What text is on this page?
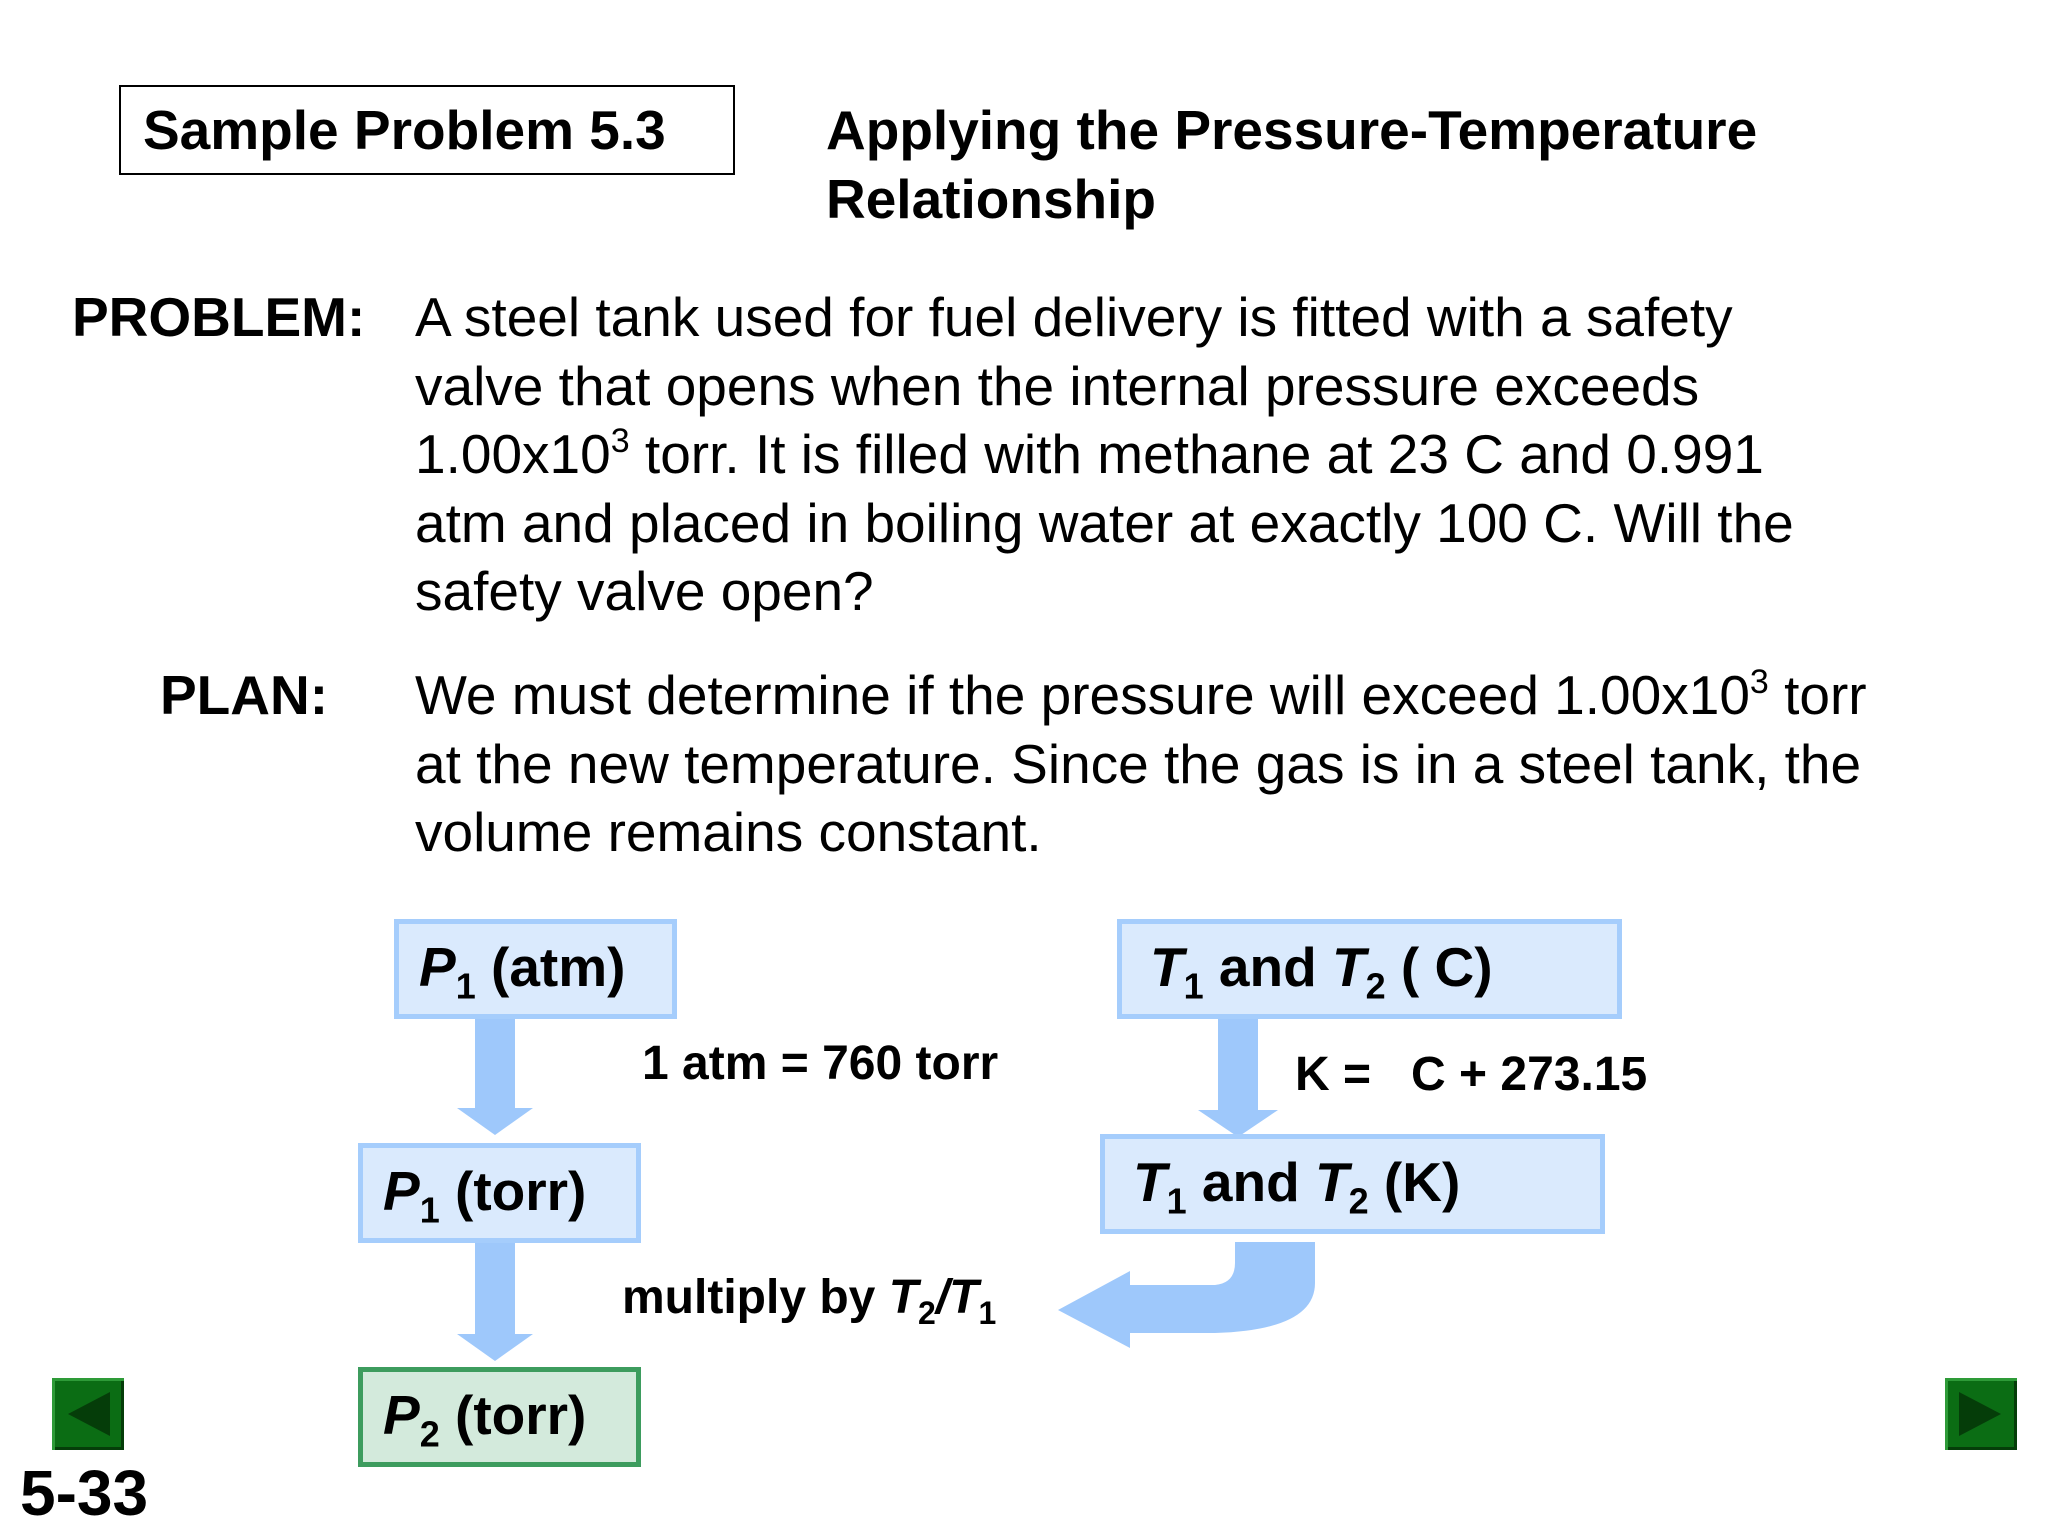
Sample Problem 5.3	Applying the Pressure-Temperature
Relationship
PROBLEM: A steel tank used for fuel delivery is fitted with a safety
valve that opens when the internal pressure exceeds
$1.00x10^3$ torr. It is filled with methane at 23 C and 0.991
atm and placed in boiling water at exactly 100 C. Will the
safety valve open?
PLAN: We must determine if the pressure will exceed $1.00x10^3$ torr
at the new temperature. Since the gas is in a steel tank, the
volume remains constant.
$P_1$ (atm)
$P_1$ (torr)
$P_2$ (torr)
$T_1$ and $T_2$ ( C)
$T_1$ and $T_2$ (K)
1 atm = 760 torr	K =   C + 273.15
multiply by $T_2/T_1$
5-33
